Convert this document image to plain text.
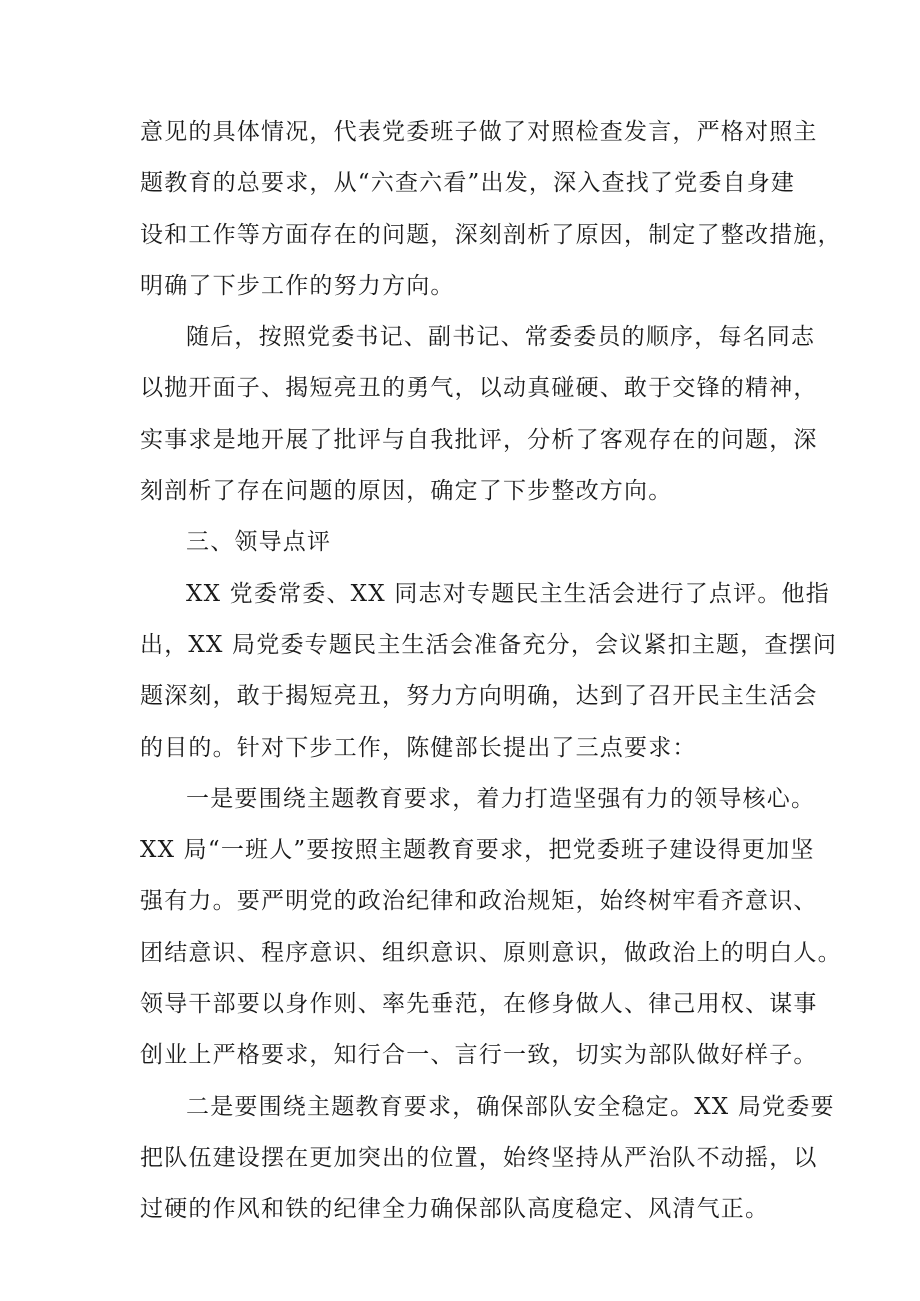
意见的具体情况，代表党委班子做了对照检查发言，严格对照主
题教育的总要求，从“六查六看”出发，深入查找了党委自身建
设和工作等方面存在的问题，深刻剖析了原因，制定了整改措施，
明确了下步工作的努力方向。
随后，按照党委书记、副书记、常委委员的顺序，每名同志
以抛开面子、揭短亮丑的勇气，以动真碰硬、敢于交锋的精神，
实事求是地开展了批评与自我批评，分析了客观存在的问题，深
刻剖析了存在问题的原因，确定了下步整改方向。
三、领导点评
XX 党委常委、XX 同志对专题民主生活会进行了点评。他指
出，XX 局党委专题民主生活会准备充分，会议紧扣主题，查摆问
题深刻，敢于揭短亮丑，努力方向明确，达到了召开民主生活会
的目的。针对下步工作，陈健部长提出了三点要求：
一是要围绕主题教育要求，着力打造坚强有力的领导核心。
XX 局“一班人”要按照主题教育要求，把党委班子建设得更加坚
强有力。要严明党的政治纪律和政治规矩，始终树牢看齐意识、
团结意识、程序意识、组织意识、原则意识，做政治上的明白人。
领导干部要以身作则、率先垂范，在修身做人、律己用权、谋事
创业上严格要求，知行合一、言行一致，切实为部队做好样子。
二是要围绕主题教育要求，确保部队安全稳定。XX 局党委要
把队伍建设摆在更加突出的位置，始终坚持从严治队不动摇，以
过硬的作风和铁的纪律全力确保部队高度稳定、风清气正。
